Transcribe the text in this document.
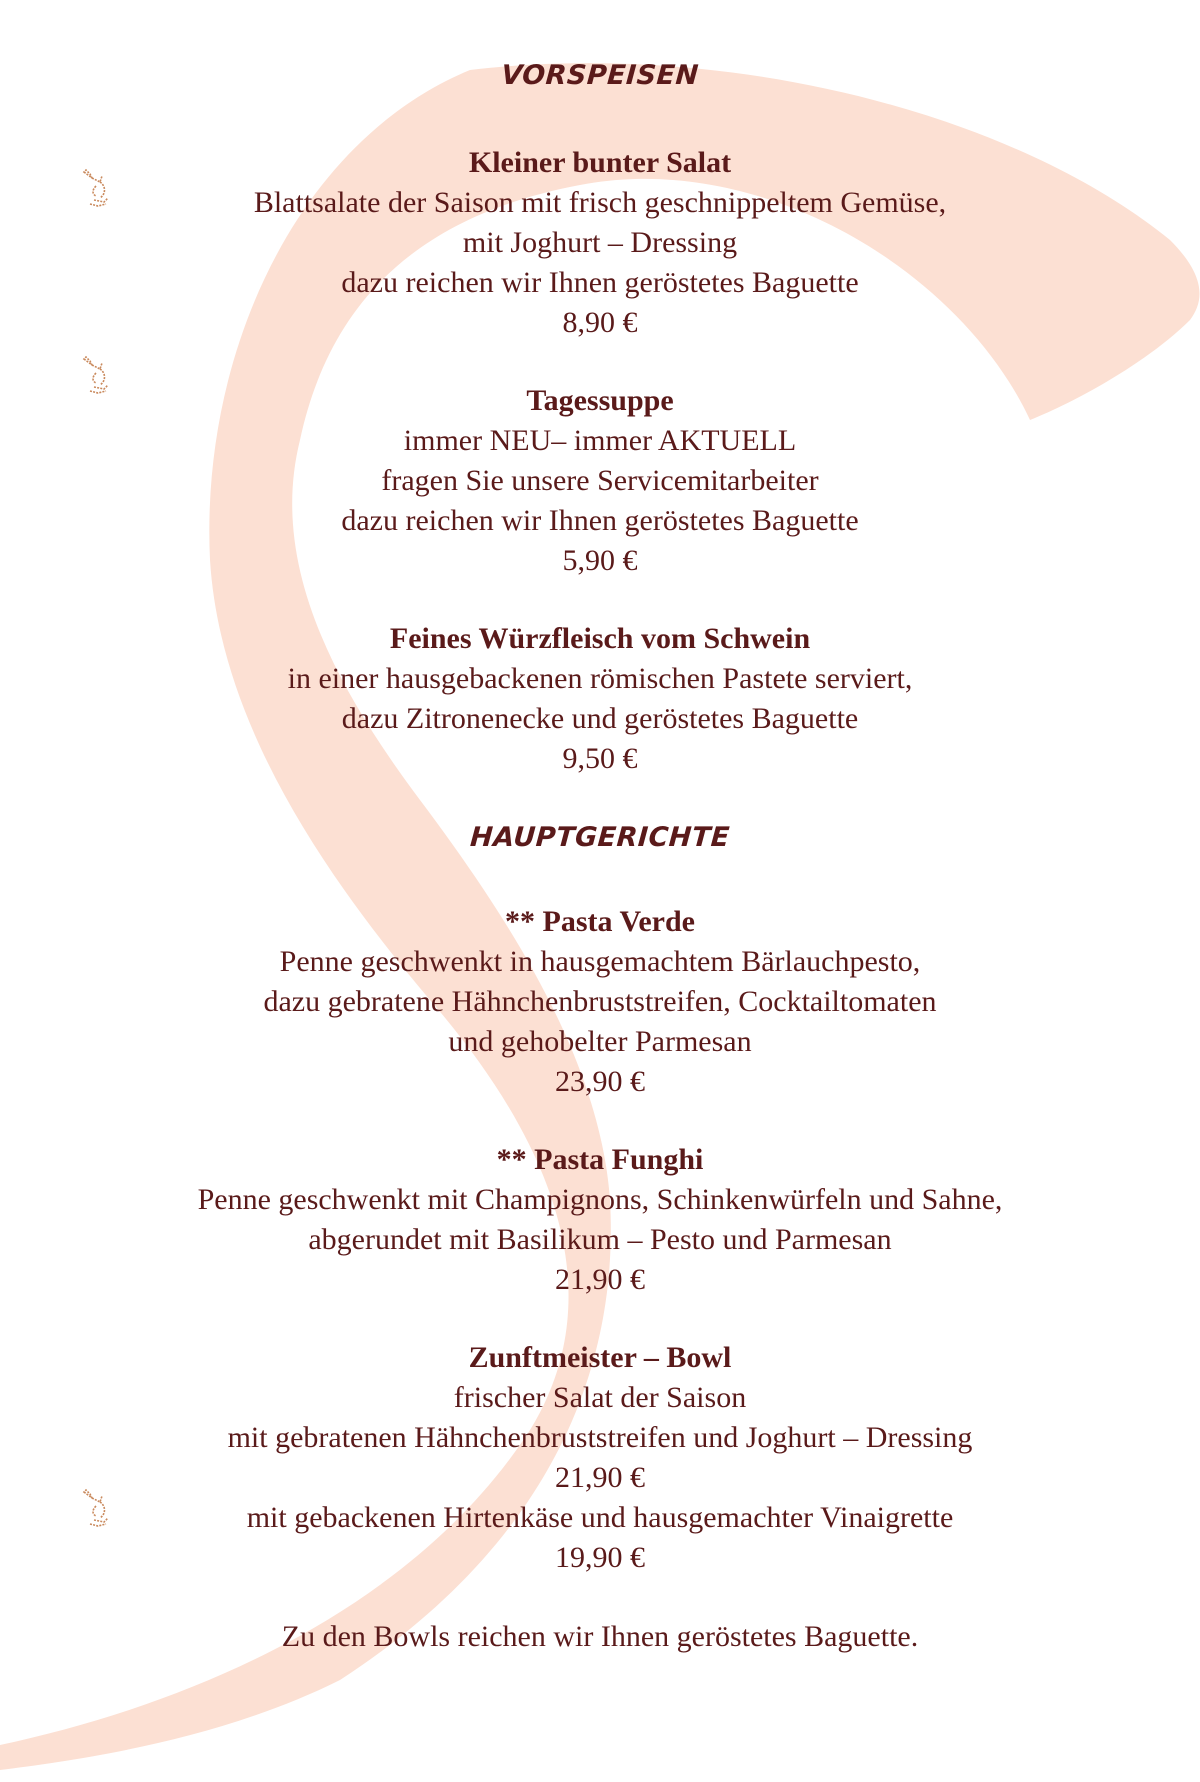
VORSPEISEN
Kleiner bunter Salat
Blattsalate der Saison mit frisch geschnippeltem Gemüse,
mit Joghurt – Dressing
dazu reichen wir Ihnen geröstetes Baguette
8,90 €
Tagessuppe
immer NEU– immer AKTUELL
fragen Sie unsere Servicemitarbeiter
dazu reichen wir Ihnen geröstetes Baguette
5,90 €
Feines Würzfleisch vom Schwein
in einer hausgebackenen römischen Pastete serviert,
dazu Zitronenecke und geröstetes Baguette
9,50 €
HAUPTGERICHTE
** Pasta Verde
Penne geschwenkt in hausgemachtem Bärlauchpesto,
dazu gebratene Hähnchenbruststreifen, Cocktailtomaten
und gehobelter Parmesan
23,90 €
** Pasta Funghi
Penne geschwenkt mit Champignons, Schinkenwürfeln und Sahne,
abgerundet mit Basilikum – Pesto und Parmesan
21,90 €
Zunftmeister – Bowl
frischer Salat der Saison
mit gebratenen Hähnchenbruststreifen und Joghurt – Dressing
21,90 €
mit gebackenen Hirtenkäse und hausgemachter Vinaigrette
19,90 €
Zu den Bowls reichen wir Ihnen geröstetes Baguette.
